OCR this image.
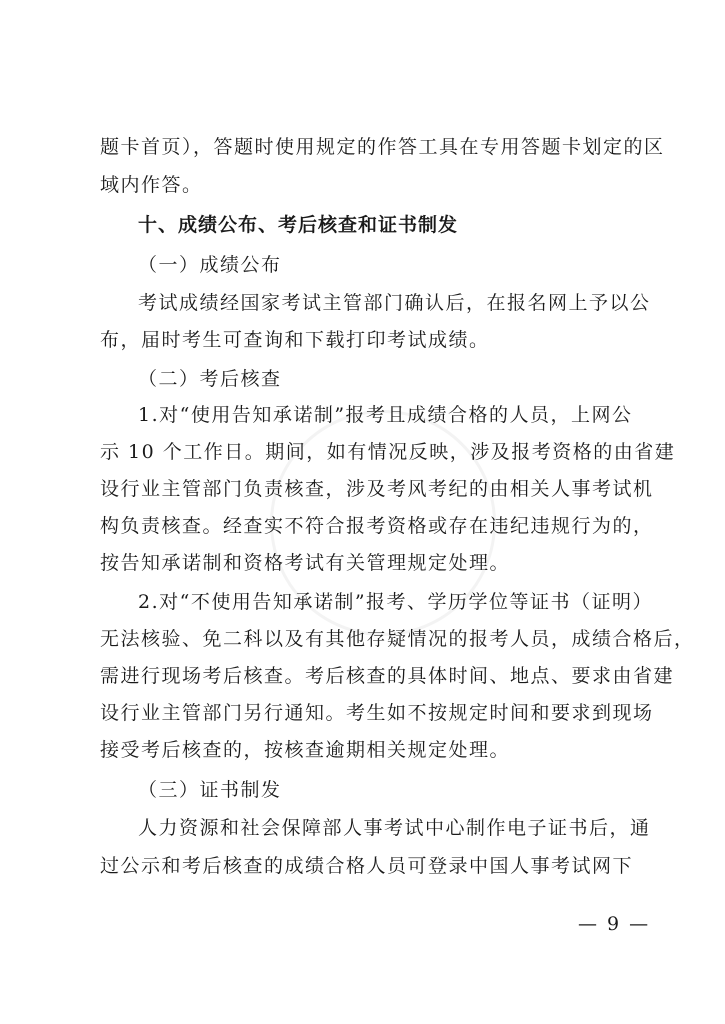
题卡首页），答题时使用规定的作答工具在专用答题卡划定的区
域内作答。
十、成绩公布、考后核查和证书制发
（一）成绩公布
考试成绩经国家考试主管部门确认后，在报名网上予以公
布，届时考生可查询和下载打印考试成绩。
（二）考后核查
1.对“使用告知承诺制”报考且成绩合格的人员，上网公
示 10 个工作日。期间，如有情况反映，涉及报考资格的由省建
设行业主管部门负责核查，涉及考风考纪的由相关人事考试机
构负责核查。经查实不符合报考资格或存在违纪违规行为的，
按告知承诺制和资格考试有关管理规定处理。
2.对“不使用告知承诺制”报考、学历学位等证书（证明）
无法核验、免二科以及有其他存疑情况的报考人员，成绩合格后，
需进行现场考后核查。考后核查的具体时间、地点、要求由省建
设行业主管部门另行通知。考生如不按规定时间和要求到现场
接受考后核查的，按核查逾期相关规定处理。
（三）证书制发
人力资源和社会保障部人事考试中心制作电子证书后，通
过公示和考后核查的成绩合格人员可登录中国人事考试网下
— 9 —
